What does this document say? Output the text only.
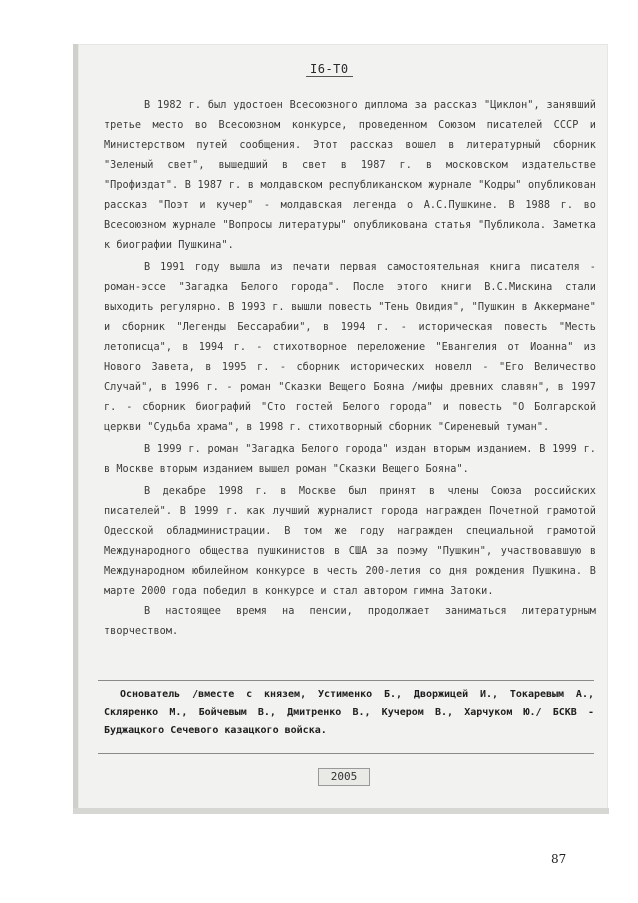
I6-T0

В 1982 г. был удостоен Всесоюзного диплома за рассказ "Циклон", занявший третье место во Всесоюзном конкурсе, проведенном Союзом писателей СССР и Министерством путей сообщения. Этот рассказ вошел в литературный сборник "Зеленый свет", вышедший в свет в 1987 г. в московском издательстве "Профиздат". В 1987 г. в молдавском республиканском журнале "Кодры" опубликован рассказ "Поэт и кучер" - молдавская легенда о А.С.Пушкине. В 1988 г. во Всесоюзном журнале "Вопросы литературы" опубликована статья "Публикола. Заметка к биографии Пушкина".

В 1991 году вышла из печати первая самостоятельная книга писателя - роман-эссе "Загадка Белого города". После этого книги В.С.Мискина стали выходить регулярно. В 1993 г. вышли повесть "Тень Овидия", "Пушкин в Аккермане" и сборник "Легенды Бессарабии", в 1994 г. - историческая повесть "Месть летописца", в 1994 г. - стихотворное переложение "Евангелия от Иоанна" из Нового Завета, в 1995 г. - сборник исторических новелл - "Его Величество Случай", в 1996 г. - роман "Сказки Вещего Бояна /мифы древних славян", в 1997 г. - сборник биографий "Сто гостей Белого города" и повесть "О Болгарской церкви "Судьба храма", в 1998 г. стихотворный сборник "Сиреневый туман".

В 1999 г. роман "Загадка Белого города" издан вторым изданием. В 1999 г. в Москве вторым изданием вышел роман "Сказки Вещего Бояна".

В декабре 1998 г. в Москве был принят в члены Союза российских писателей". В 1999 г. как лучший журналист города награжден Почетной грамотой Одесской обладминистрации. В том же году награжден специальной грамотой Международного общества пушкинистов в США за поэму "Пушкин", участвовавшую в Международном юбилейном конкурсе в честь 200-летия со дня рождения Пушкина. В марте 2000 года победил в конкурсе и стал автором гимна Затоки.

В настоящее время на пенсии, продолжает заниматься литературным творчеством.

Основатель /вместе с князем, Устименко Б., Дворжицей И., Токаревым А., Скляренко М., Бойчевым В., Дмитренко В., Кучером В., Харчуком Ю./ БСКВ - Буджацкого Сечевого казацкого войска.
2005
87
